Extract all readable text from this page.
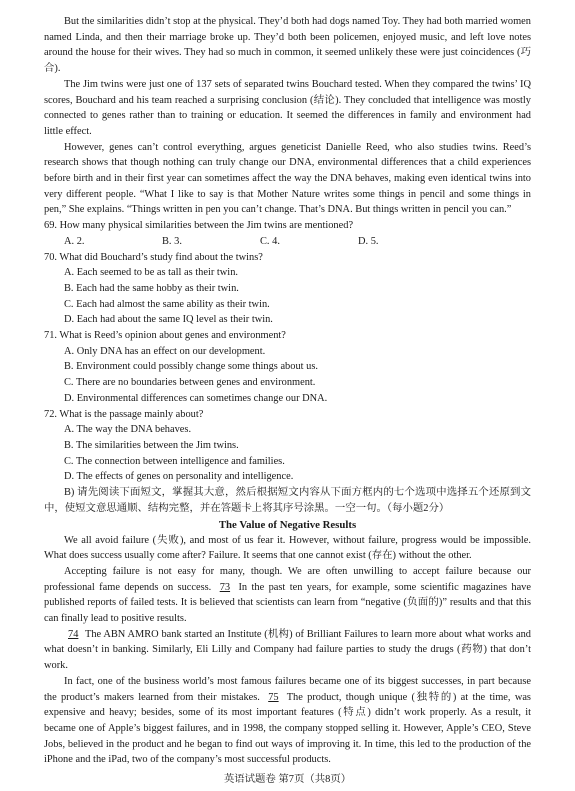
But the similarities didn’t stop at the physical. They’d both had dogs named Toy. They had both married women named Linda, and then their marriage broke up. They’d both been policemen, enjoyed music, and left love notes around the house for their wives. They had so much in common, it seemed unlikely these were just coincidences (巧合).

The Jim twins were just one of 137 sets of separated twins Bouchard tested. When they compared the twins’ IQ scores, Bouchard and his team reached a surprising conclusion (结论). They concluded that intelligence was mostly connected to genes rather than to training or education. It seemed the differences in family and environment had little effect.

However, genes can’t control everything, argues geneticist Danielle Reed, who also studies twins. Reed’s research shows that though nothing can truly change our DNA, environmental differences that a child experiences before birth and in their first year can sometimes affect the way the DNA behaves, making even identical twins into very different people. “What I like to say is that Mother Nature writes some things in pencil and some things in pen,” She explains. “Things written in pen you can’t change. That’s DNA. But things written in pencil you can.”

69. How many physical similarities between the Jim twins are mentioned?

A. 2.	B. 3.	C. 4.	D. 5.

70. What did Bouchard’s study find about the twins?

A. Each seemed to be as tall as their twin.

B. Each had the same hobby as their twin.

C. Each had almost the same ability as their twin.

D. Each had about the same IQ level as their twin.

71. What is Reed’s opinion about genes and environment?

A. Only DNA has an effect on our development.

B. Environment could possibly change some things about us.

C. There are no boundaries between genes and environment.

D. Environmental differences can sometimes change our DNA.

72. What is the passage mainly about?

A. The way the DNA behaves.

B. The similarities between the Jim twins.

C. The connection between intelligence and families.

D. The effects of genes on personality and intelligence.

B) 请先阅读下面短文，掌握其大意，然后根据短文内容从下面方框内的七个选项中选择五个还原到文中，使短文意思通顺、结构完整，并在答题卡上将其序号涂黑。一空一句。（每小题2分）

The Value of Negative Results

We all avoid failure (失败), and most of us fear it. However, without failure, progress would be impossible. What does success usually come after? Failure. It seems that one cannot exist (存在) without the other.

Accepting failure is not easy for many, though. We are often unwilling to accept failure because our professional fame depends on success. 73 In the past ten years, for example, some scientific magazines have published reports of failed tests. It is believed that scientists can learn from “negative (负面的)” results and that this can finally lead to positive results.

74 The ABN AMRO bank started an Institute (机构) of Brilliant Failures to learn more about what works and what doesn’t in banking. Similarly, Eli Lilly and Company had failure parties to study the drugs (药物) that don’t work.

In fact, one of the business world’s most famous failures became one of its biggest successes, in part because the product’s makers learned from their mistakes. 75 The product, though unique (独特的) at the time, was expensive and heavy; besides, some of its most important features (特点) didn’t work properly. As a result, it became one of Apple’s biggest failures, and in 1998, the company stopped selling it. However, Apple’s CEO, Steve Jobs, believed in the product and he began to find out ways of improving it. In time, this led to the production of the iPhone and the iPad, two of the company’s most successful products.

英语试题卷 第7页（共8页）
